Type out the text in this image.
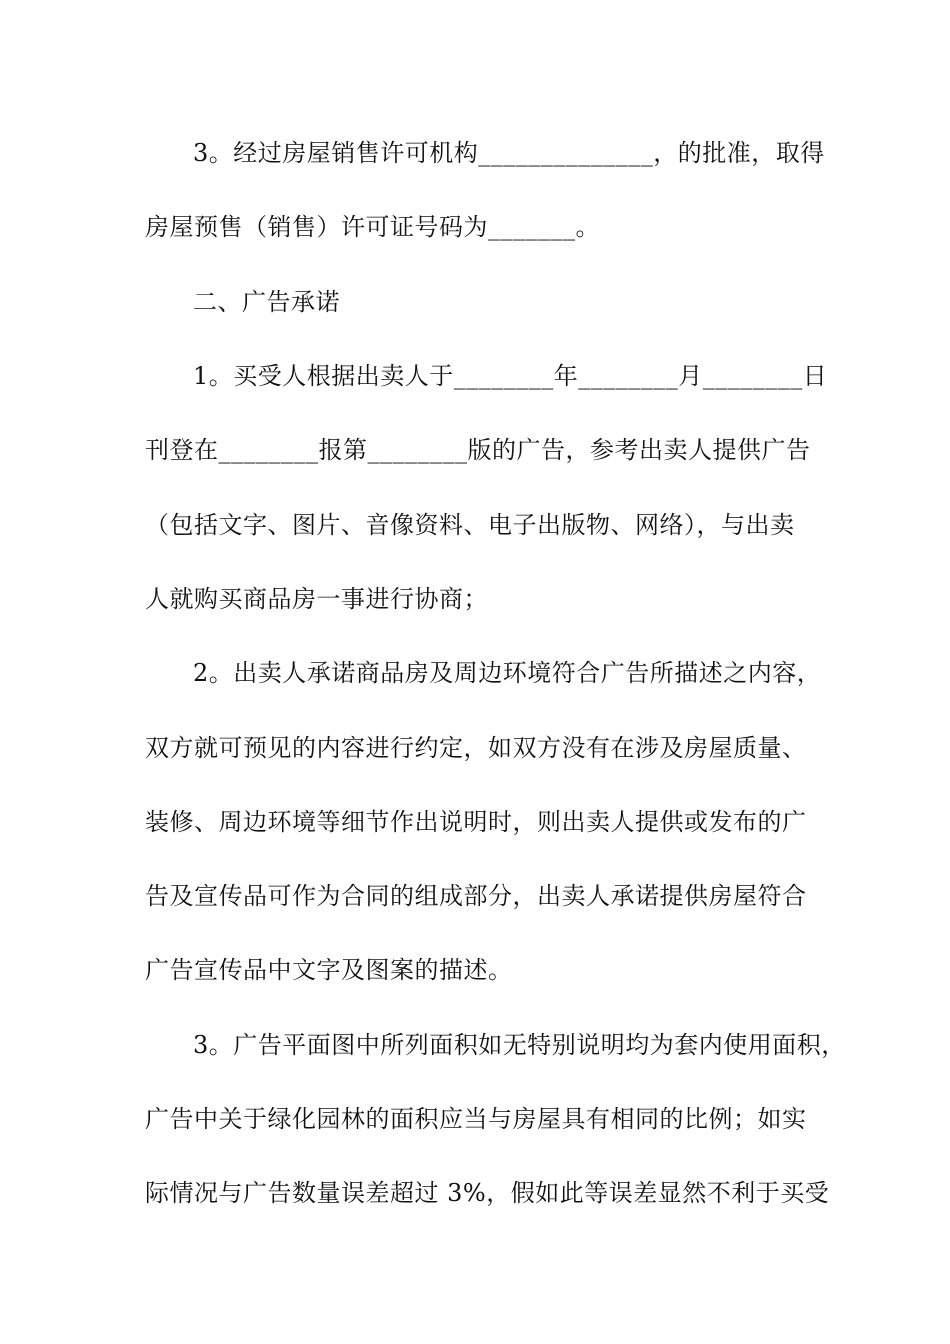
3。经过房屋销售许可机构______________，的批准，取得
房屋预售（销售）许可证号码为_______。
二、广告承诺
1。买受人根据出卖人于________年________月________日
刊登在________报第________版的广告，参考出卖人提供广告
（包括文字、图片、音像资料、电子出版物、网络），与出卖
人就购买商品房一事进行协商；
2。出卖人承诺商品房及周边环境符合广告所描述之内容，
双方就可预见的内容进行约定，如双方没有在涉及房屋质量、
装修、周边环境等细节作出说明时，则出卖人提供或发布的广
告及宣传品可作为合同的组成部分，出卖人承诺提供房屋符合
广告宣传品中文字及图案的描述。
3。广告平面图中所列面积如无特别说明均为套内使用面积，
广告中关于绿化园林的面积应当与房屋具有相同的比例；如实
际情况与广告数量误差超过 3%，假如此等误差显然不利于买受
